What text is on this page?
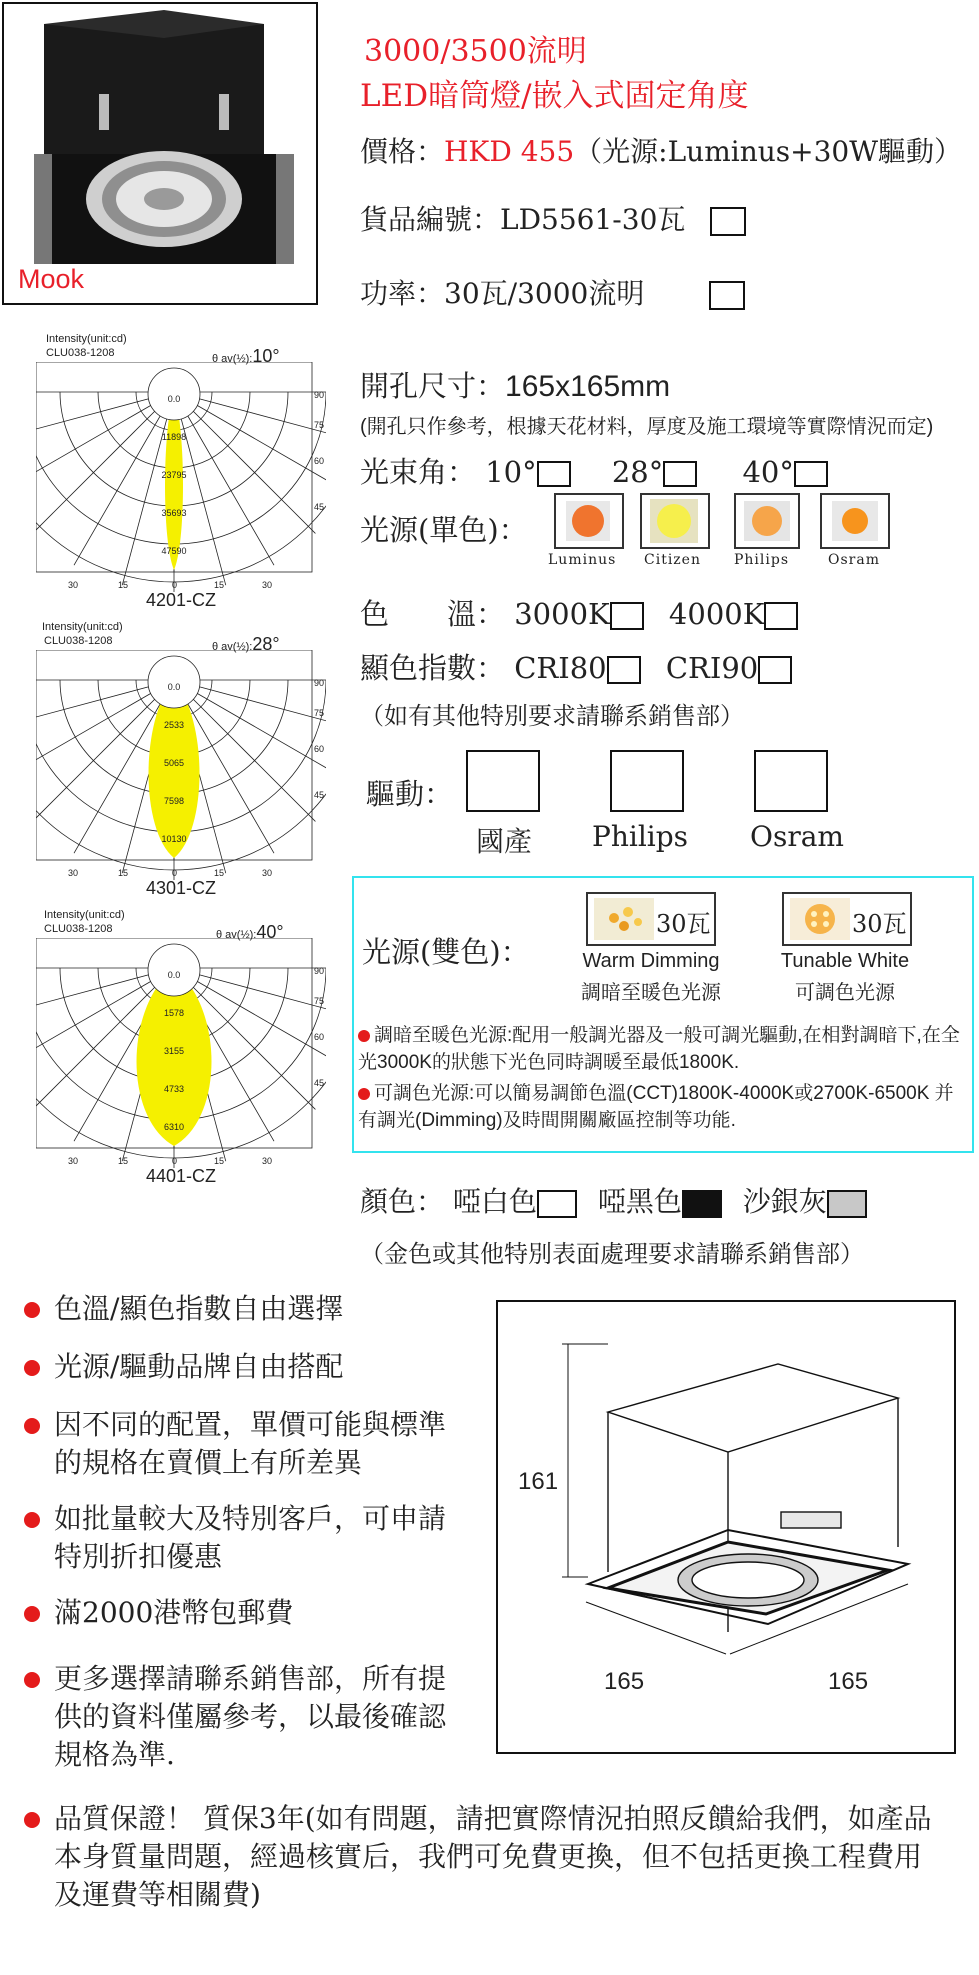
Mook
3000/3500流明
LED暗筒燈/嵌入式固定角度
價格：HKD 455（光源:Luminus+30W驅動）
貨品編號：LD5561-30瓦
功率：30瓦/3000流明
Intensity(unit:cd)
CLU038-1208	θ av(½):10°
0.0
11898
23795
35693
47590
90
75
60
45
30	15	0	15	30
4201-CZ
Intensity(unit:cd)
CLU038-1208	θ av(½):28°
0.0
2533
5065
7598
10130
90
75
60
45
30	15	0	15	30
4301-CZ
Intensity(unit:cd)
CLU038-1208	θ av(½):40°
0.0
1578
3155
4733
6310
90
75
60
45
30	15	0	15	30
4401-CZ
開孔尺寸：165x165mm
(開孔只作參考，根據天花材料，厚度及施工環境等實際情況而定)
光束角： 10°	28°	40°
光源(單色)：
Luminus Citizen Philips	Osram
色　　溫： 3000K 4000K
顯色指數： CRI80 CRI90
（如有其他特別要求請聯系銷售部）
驅動：
國產 Philips Osram
光源(雙色)：
30瓦
Warm Dimming
調暗至暖色光源
30瓦
Tunable White
可調色光源
調暗至暖色光源:配用一般調光器及一般可調光驅動,在相對調暗下,在全光3000K的狀態下光色同時調暖至最低1800K.
可調色光源:可以簡易調節色溫(CCT)1800K-4000K或2700K-6500K 并有調光(Dimming)及時間開關廠區控制等功能.
顏色： 啞白色 啞黑色 沙銀灰
（金色或其他特別表面處理要求請聯系銷售部）
色溫/顯色指數自由選擇
光源/驅動品牌自由搭配
因不同的配置，單價可能與標準的規格在賣價上有所差異
如批量較大及特別客戶，可申請特別折扣優惠
滿2000港幣包郵費
更多選擇請聯系銷售部，所有提供的資料僅屬參考，以最後確認規格為準.
161
165	165
品質保證！ 質保3年(如有問題，請把實際情況拍照反饋給我們，如產品本身質量問題，經過核實后，我們可免費更換，但不包括更換工程費用及運費等相關費)
